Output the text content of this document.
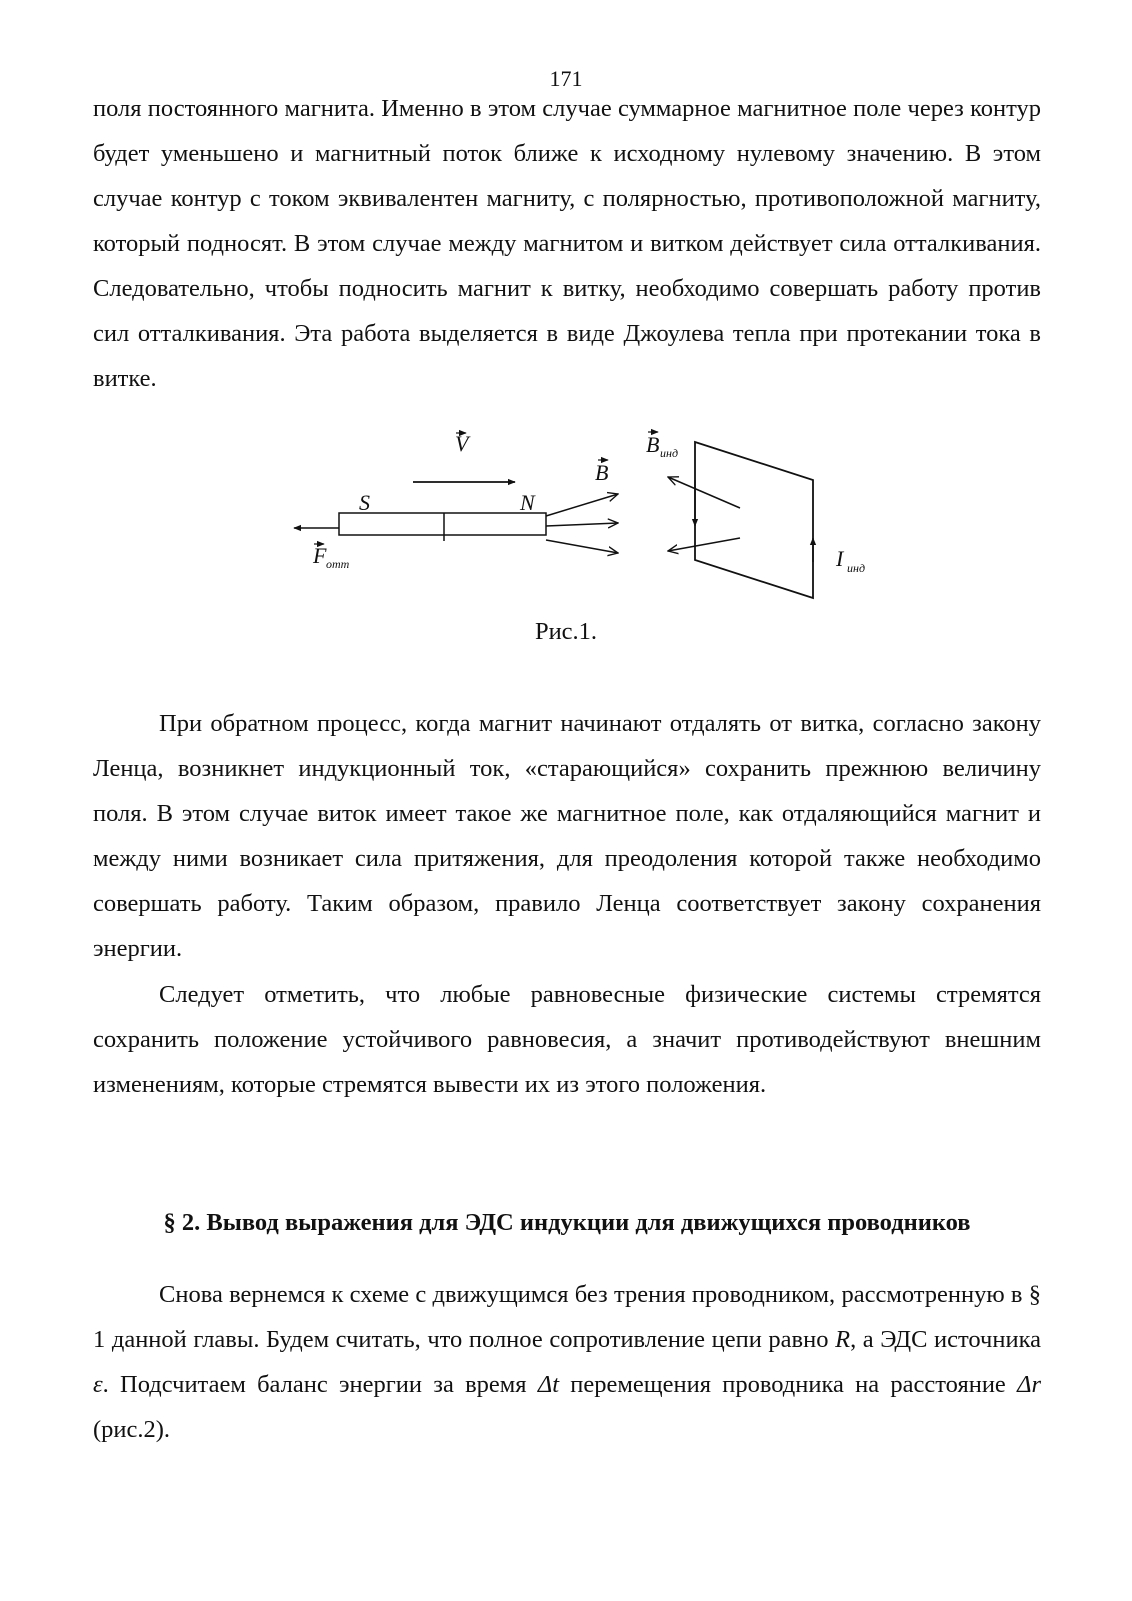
171

поля постоянного магнита. Именно в этом случае суммарное магнитное поле через контур будет уменьшено и магнитный поток ближе к исходному нулевому значению. В этом случае контур с током эквивалентен магниту, с полярностью, противоположной магниту, который подносят. В этом случае между магнитом и витком действует сила отталкивания. Следовательно, чтобы подносить магнит к витку, необходимо совершать работу против сил отталкивания. Эта работа выделяется в виде Джоулева тепла при протекании тока в витке.

V
S	N
F отт
B
B инд
I инд
Рис.1.

При обратном процесс, когда магнит начинают отдалять от витка, согласно закону Ленца, возникнет индукционный ток, «старающийся» сохранить прежнюю величину поля. В этом случае виток имеет такое же магнитное поле, как отдаляющийся магнит и между ними возникает сила притяжения, для преодоления которой также необходимо совершать работу. Таким образом, правило Ленца соответствует закону сохранения энергии.

Следует отметить, что любые равновесные физические системы стремятся сохранить положение устойчивого равновесия, а значит противодействуют внешним изменениям, которые стремятся вывести их из этого положения.

§ 2. Вывод выражения для ЭДС индукции для движущихся проводников

Снова вернемся к схеме с движущимся без трения проводником, рассмотренную в § 1 данной главы. Будем считать, что полное сопротивление цепи равно R, а ЭДС источника ε. Подсчитаем баланс энергии за время Δt перемещения проводника на расстояние Δr (рис.2).
